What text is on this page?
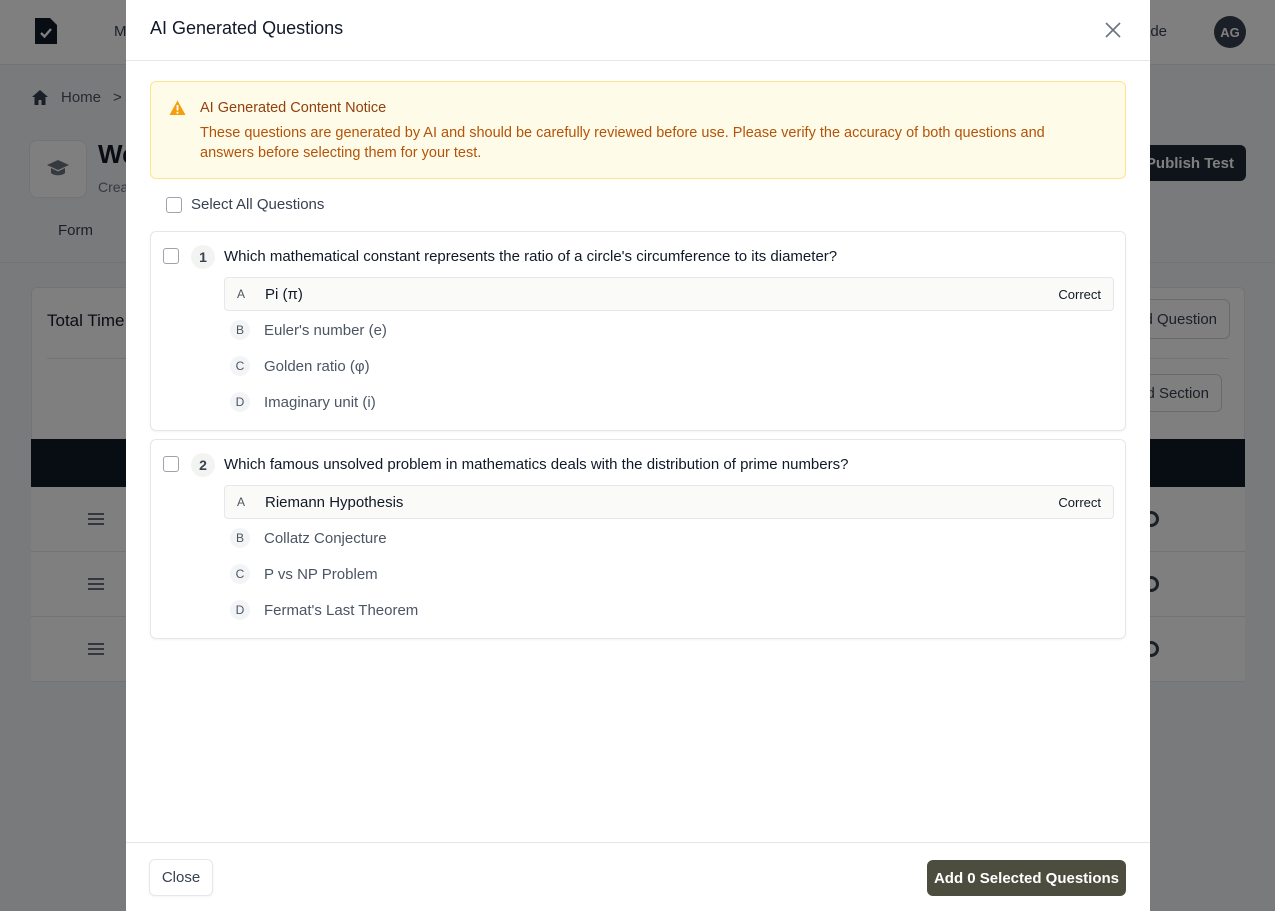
AI Generated Questions
AI Generated Content Notice
These questions are generated by AI and should be carefully reviewed before use. Please verify the accuracy of both questions and answers before selecting them for your test.
Select All Questions
1	Which mathematical constant represents the ratio of a circle's circumference to its diameter?
A	Pi (π)	Correct
B	Euler's number (e)
C	Golden ratio (φ)
D	Imaginary unit (i)
2	Which famous unsolved problem in mathematics deals with the distribution of prime numbers?
A	Riemann Hypothesis	Correct
B	Collatz Conjecture
C	P vs NP Problem
D	Fermat's Last Theorem
Close	Add 0 Selected Questions
